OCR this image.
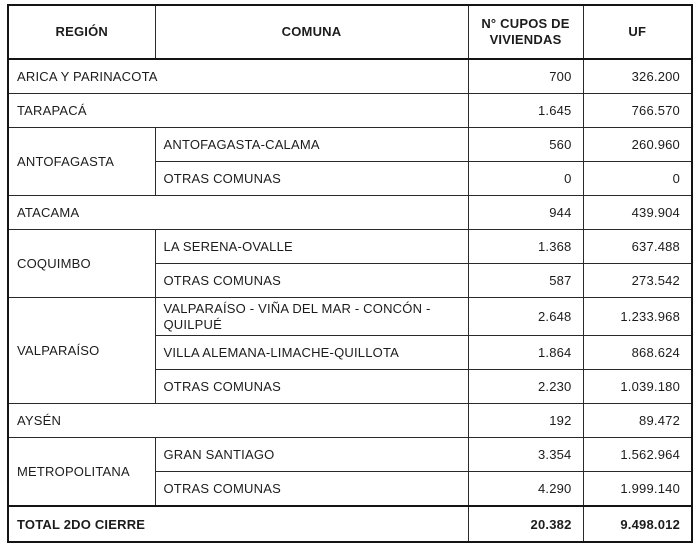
REGIÓN	COMUNA	N° CUPOS DE VIVIENDAS	UF
ARICA Y PARINACOTA		700	326.200
TARAPACÁ		1.645	766.570
ANTOFAGASTA	ANTOFAGASTA-CALAMA	560	260.960
	OTRAS COMUNAS	0	0
ATACAMA		944	439.904
COQUIMBO	LA SERENA-OVALLE	1.368	637.488
	OTRAS COMUNAS	587	273.542
VALPARAÍSO	VALPARAÍSO - VIÑA DEL MAR - CONCÓN -QUILPUÉ	2.648	1.233.968
	VILLA ALEMANA-LIMACHE-QUILLOTA	1.864	868.624
	OTRAS COMUNAS	2.230	1.039.180
AYSÉN		192	89.472
METROPOLITANA	GRAN SANTIAGO	3.354	1.562.964
	OTRAS COMUNAS	4.290	1.999.140
TOTAL 2DO CIERRE		20.382	9.498.012
